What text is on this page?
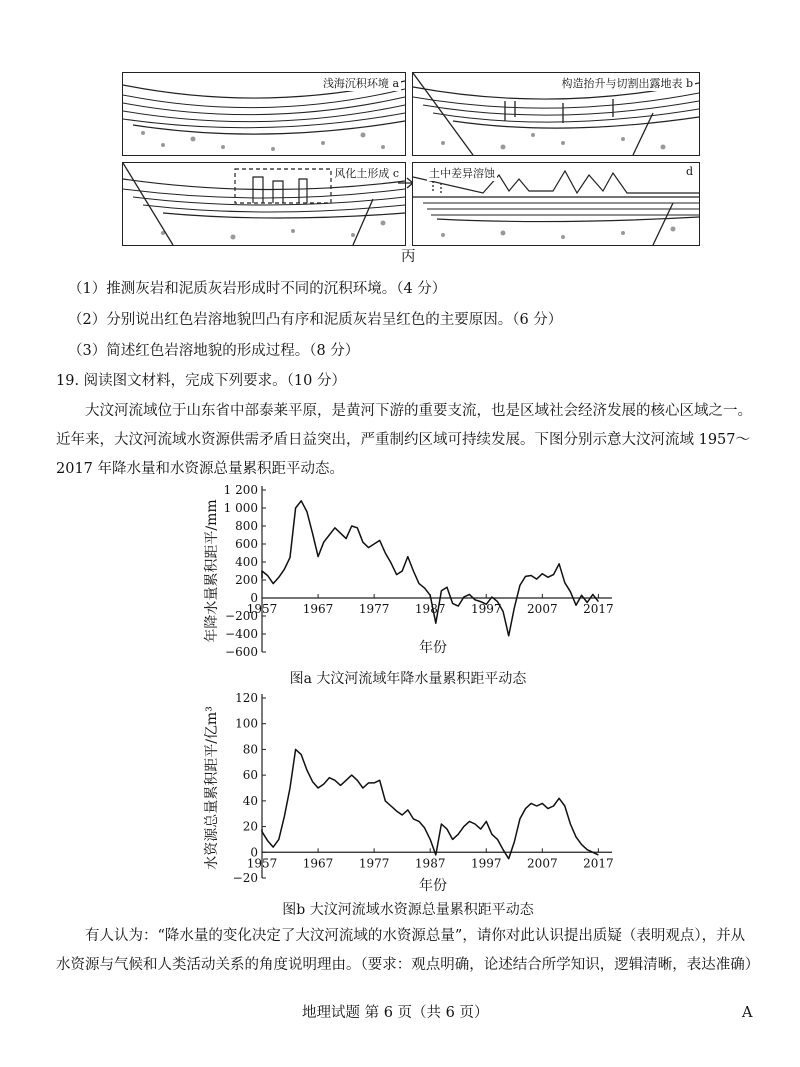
浅海沉积环境 a	构造抬升与切割出露地表 b
风化土形成 c	土中差异溶蚀	d
丙
（1）推测灰岩和泥质灰岩形成时不同的沉积环境。（4 分）
（2）分别说出红色岩溶地貌凹凸有序和泥质灰岩呈红色的主要原因。（6 分）
（3）简述红色岩溶地貌的形成过程。（8 分）
19. 阅读图文材料，完成下列要求。（10 分）
大汶河流域位于山东省中部泰莱平原，是黄河下游的重要支流，也是区域社会经济发展的核心区域之一。近年来，大汶河流域水资源供需矛盾日益突出，严重制约区域可持续发展。下图分别示意大汶河流域 1957～2017 年降水量和水资源总量累积距平动态。
1 200
1 000
800
600
400
200
0
−200
−400
−600
1957 1967 1977 1987 1997 2007 2017
年降水量累积距平/mm
年份
图a 大汶河流域年降水量累积距平动态
120
100
80
60
40
20
0
−20
1957 1967 1977 1987 1997 2007 2017
水资源总量累积距平/亿m³
年份
图b 大汶河流域水资源总量累积距平动态
有人认为：“降水量的变化决定了大汶河流域的水资源总量”，请你对此认识提出质疑（表明观点），并从水资源与气候和人类活动关系的角度说明理由。（要求：观点明确，论述结合所学知识，逻辑清晰，表达准确）
地理试题 第 6 页（共 6 页）	A
